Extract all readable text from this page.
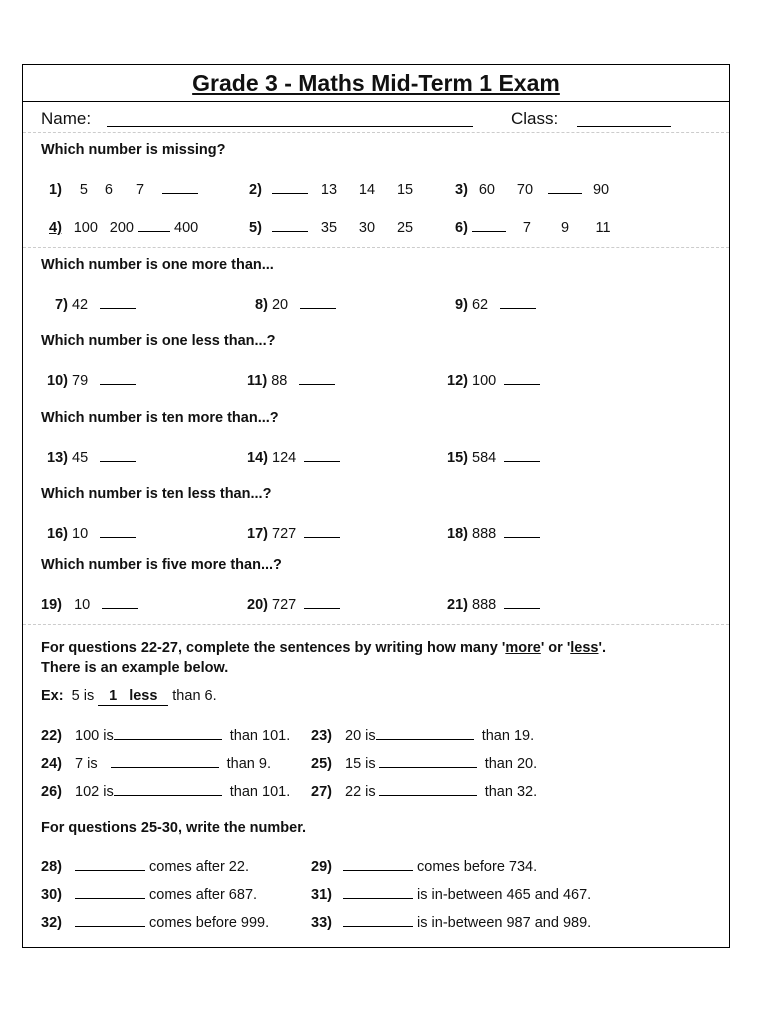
Grade 3 - Maths Mid-Term 1 Exam
Name:	Class:
Which number is missing?
1) 5 6 7	2)	13 14 15	3) 60 70	90
4) 100 200	400	5)	35 30 25	6)	7 9 11
Which number is one more than...
7) 42	8) 20	9) 62
Which number is one less than...?
10) 79	11) 88	12) 100
Which number is ten more than...?
13) 45	14) 124	15) 584
Which number is ten less than...?
16) 10	17) 727	18) 888
Which number is five more than...?
19) 10	20) 727	21) 888
For questions 22-27, complete the sentences by writing how many 'more' or 'less'.
There is an example below.
Ex: 5 is 1   less than 6.
22) 100 is	than 101. 23) 20 is	than 19.
24) 7 is	than 9.	25) 15 is	than 20.
26) 102 is	than 101. 27) 22 is	than 32.
For questions 25-30, write the number.
28)	comes after 22.	29)	comes before 734.
30)	comes after 687.	31)	is in-between 465 and 467.
32)	comes before 999.	33)	is in-between 987 and 989.
